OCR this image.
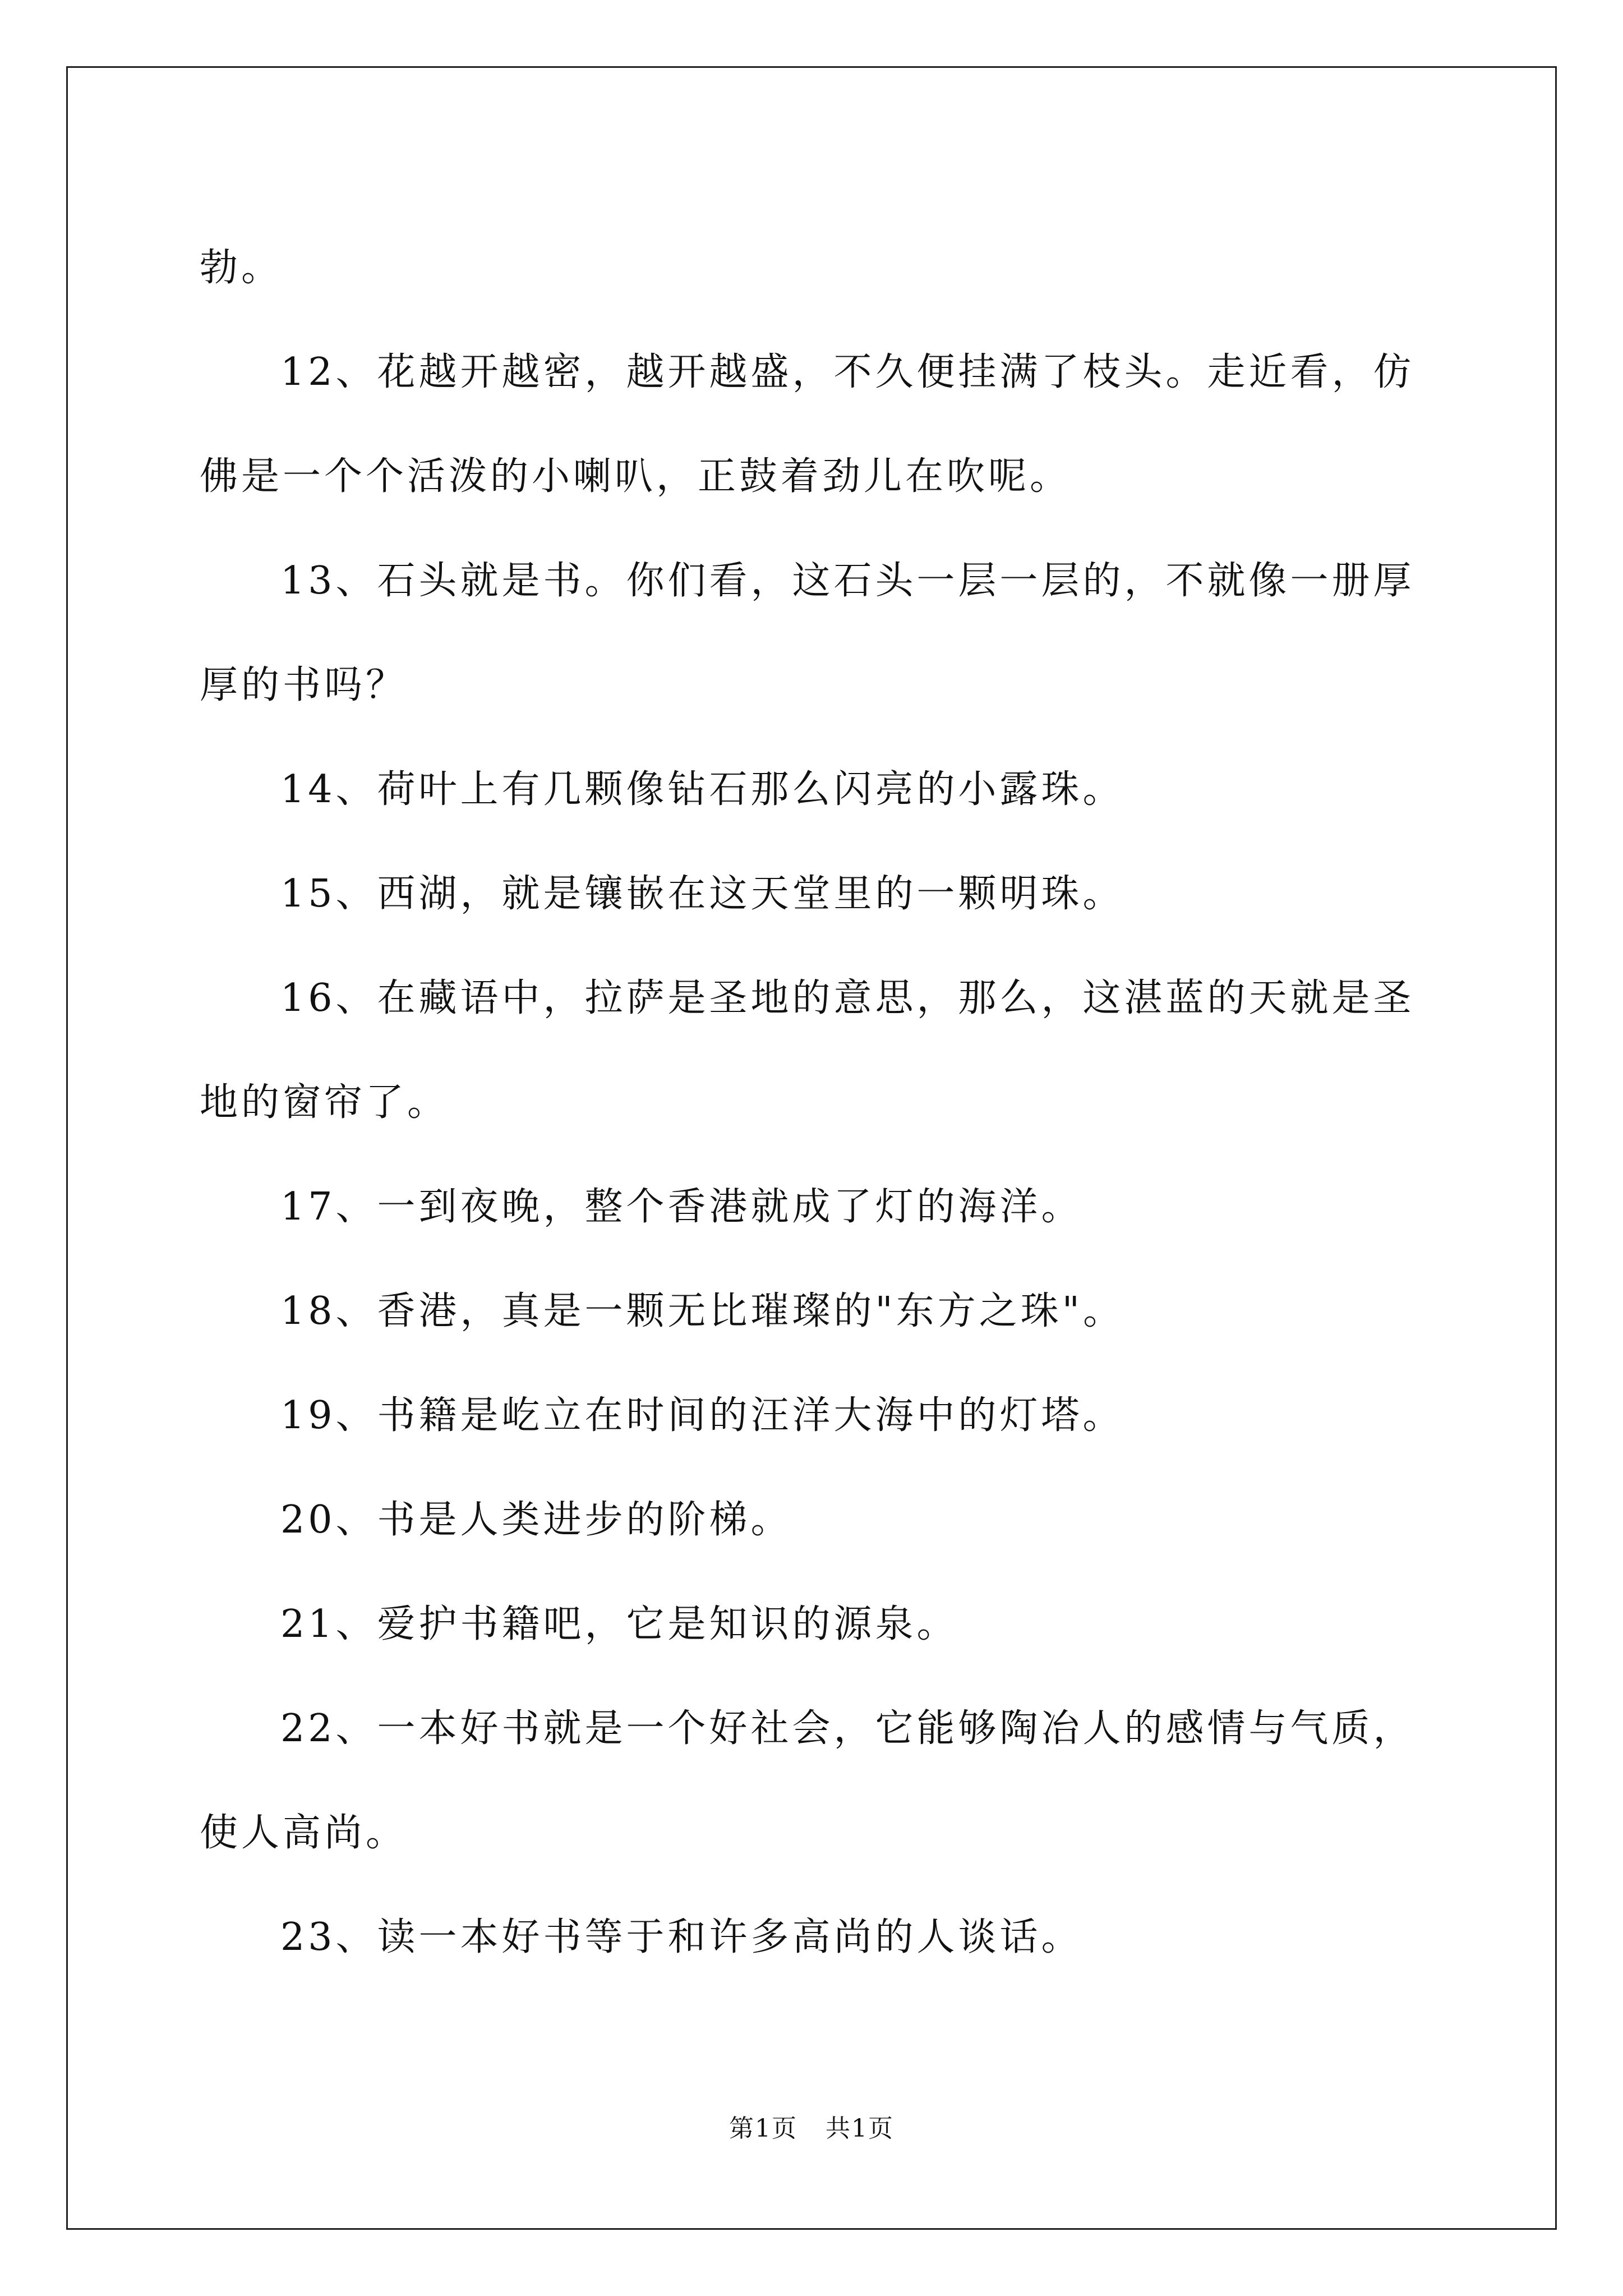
勃。

12、花越开越密，越开越盛，不久便挂满了枝头。走近看，仿佛是一个个活泼的小喇叭，正鼓着劲儿在吹呢。

13、石头就是书。你们看，这石头一层一层的，不就像一册厚厚的书吗？

14、荷叶上有几颗像钻石那么闪亮的小露珠。

15、西湖，就是镶嵌在这天堂里的一颗明珠。

16、在藏语中，拉萨是圣地的意思，那么，这湛蓝的天就是圣地的窗帘了。

17、一到夜晚，整个香港就成了灯的海洋。

18、香港，真是一颗无比璀璨的"东方之珠"。

19、书籍是屹立在时间的汪洋大海中的灯塔。

20、书是人类进步的阶梯。

21、爱护书籍吧，它是知识的源泉。

22、一本好书就是一个好社会，它能够陶冶人的感情与气质，使人高尚。

23、读一本好书等于和许多高尚的人谈话。

第1页 共1页
